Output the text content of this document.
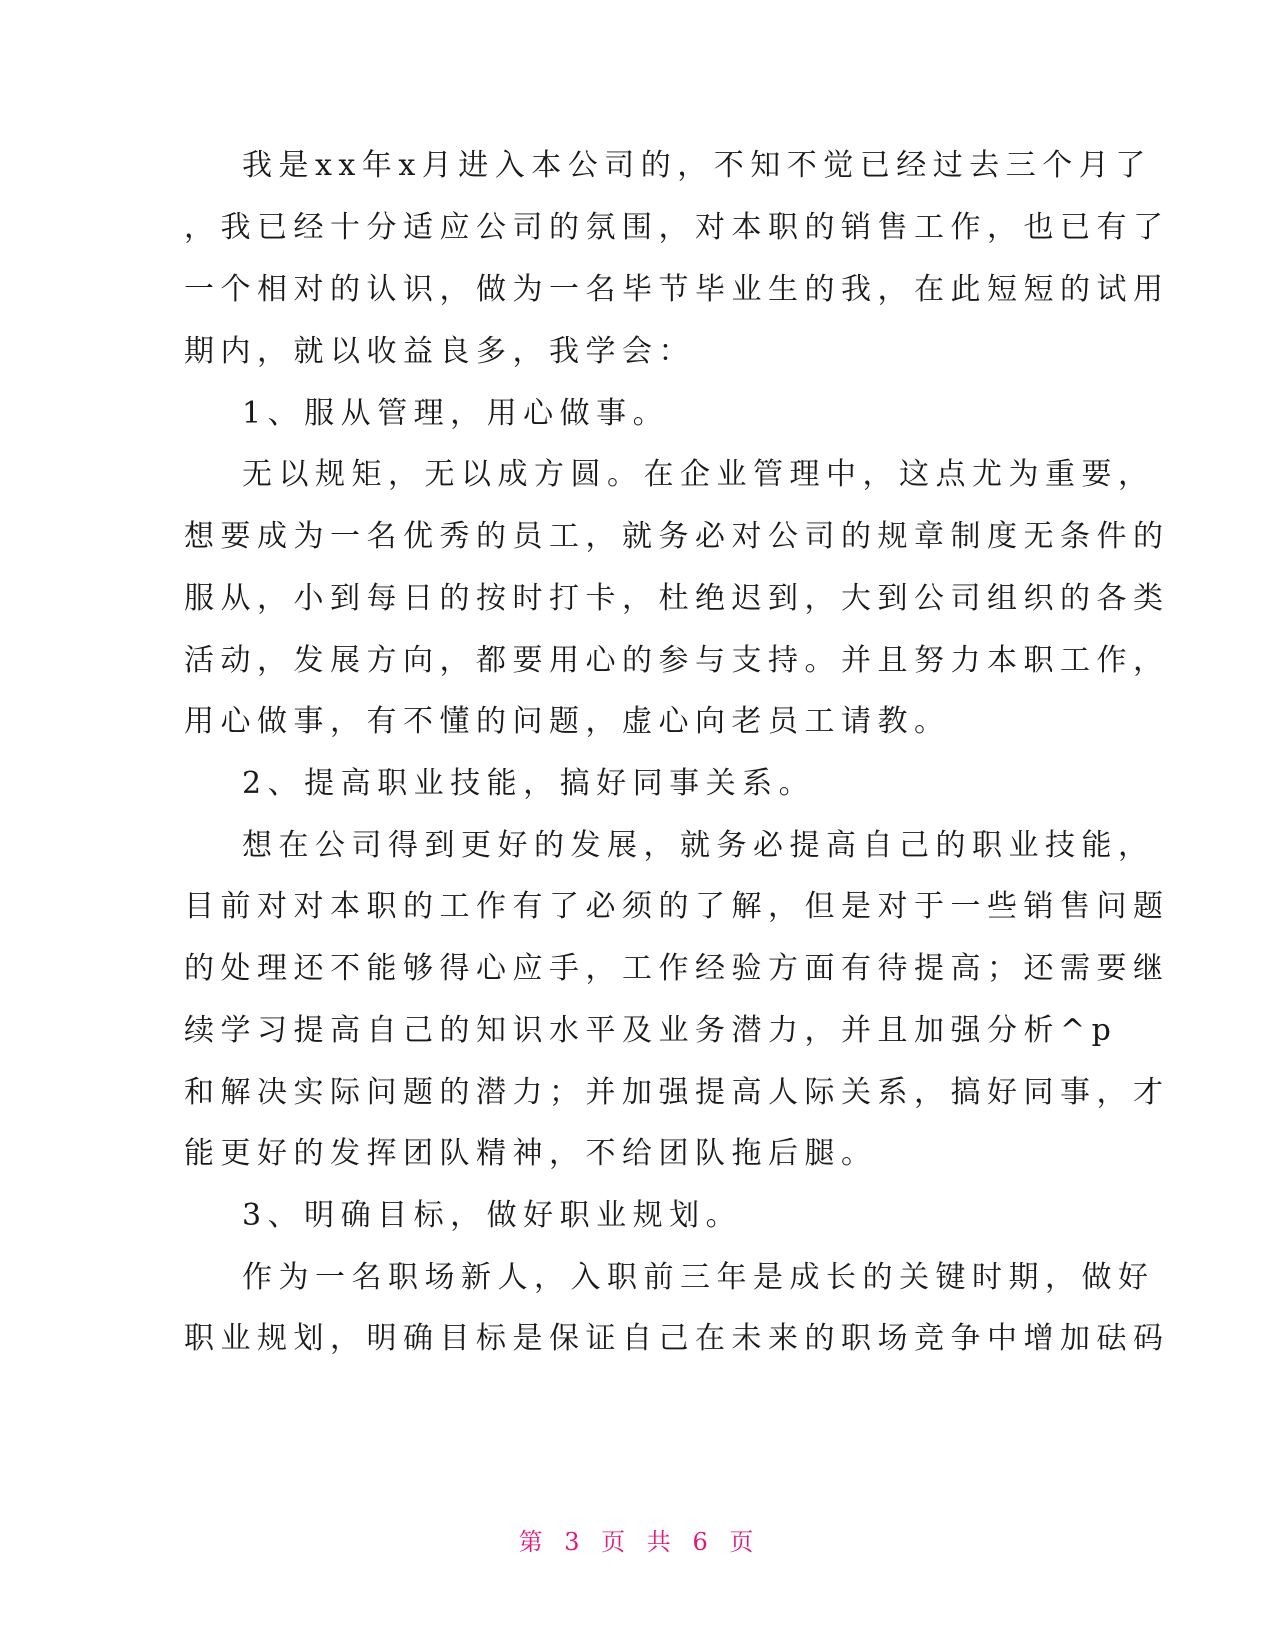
我是xx年x月进入本公司的，不知不觉已经过去三个月了
，我已经十分适应公司的氛围，对本职的销售工作，也已有了
一个相对的认识，做为一名毕节毕业生的我，在此短短的试用
期内，就以收益良多，我学会：
1、服从管理，用心做事。
无以规矩，无以成方圆。在企业管理中，这点尤为重要，
想要成为一名优秀的员工，就务必对公司的规章制度无条件的
服从，小到每日的按时打卡，杜绝迟到，大到公司组织的各类
活动，发展方向，都要用心的参与支持。并且努力本职工作，
用心做事，有不懂的问题，虚心向老员工请教。
2、提高职业技能，搞好同事关系。
想在公司得到更好的发展，就务必提高自己的职业技能，
目前对对本职的工作有了必须的了解，但是对于一些销售问题
的处理还不能够得心应手，工作经验方面有待提高；还需要继
续学习提高自己的知识水平及业务潜力，并且加强分析^p
和解决实际问题的潜力；并加强提高人际关系，搞好同事，才
能更好的发挥团队精神，不给团队拖后腿。
3、明确目标，做好职业规划。
作为一名职场新人，入职前三年是成长的关键时期，做好
职业规划，明确目标是保证自己在未来的职场竞争中增加砝码
第 3 页 共 6 页
